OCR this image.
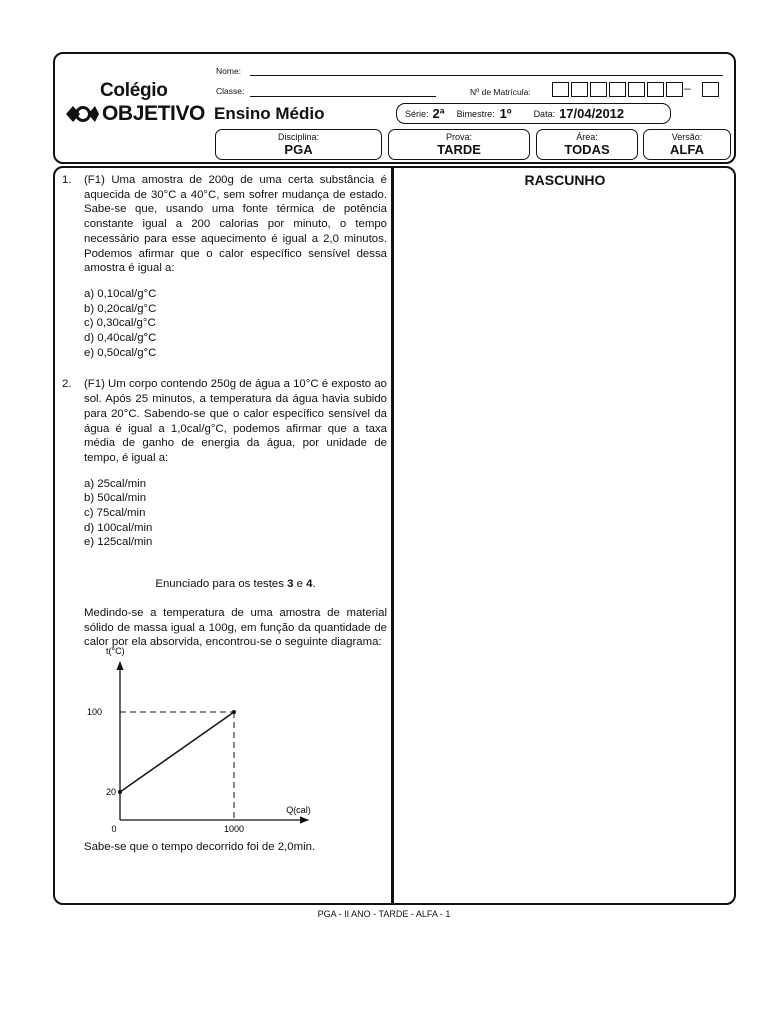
Colégio
OBJETIVO Ensino Médio
Nome:
Classe:	Nº de Matrícula:	–
Série: 2ª Bimestre: 1º Data: 17/04/2012
Disciplina:
PGA
Prova:
TARDE
Área:
TODAS
Versão:
ALFA
RASCUNHO
1.	(F1) Uma amostra de 200g de uma certa substância é aquecida de 30°C a 40°C, sem sofrer mudança de estado. Sabe-se que, usando uma fonte térmica de potência constante igual a 200 calorias por minuto, o tempo necessário para esse aquecimento é igual a 2,0 minutos. Podemos afirmar que o calor específico sensível dessa amostra é igual a:
a) 0,10cal/g°C
b) 0,20cal/g°C
c) 0,30cal/g°C
d) 0,40cal/g°C
e) 0,50cal/g°C
2.	(F1) Um corpo contendo 250g de água a 10°C é exposto ao sol. Após 25 minutos, a temperatura da água havia subido para 20°C. Sabendo-se que o calor específico sensível da água é igual a 1,0cal/g°C, podemos afirmar que a taxa média de ganho de energia da água, por unidade de tempo, é igual a:
a) 25cal/min
b) 50cal/min
c) 75cal/min
d) 100cal/min
e) 125cal/min
Enunciado para os testes 3 e 4.
Medindo-se a temperatura de uma amostra de material sólido de massa igual a 100g, em função da quantidade de calor por ela absorvida, encontrou-se o seguinte diagrama:
t(°C)
Q(cal)
20
100
0	1000
Sabe-se que o tempo decorrido foi de 2,0min.
PGA - II ANO - TARDE - ALFA - 1
